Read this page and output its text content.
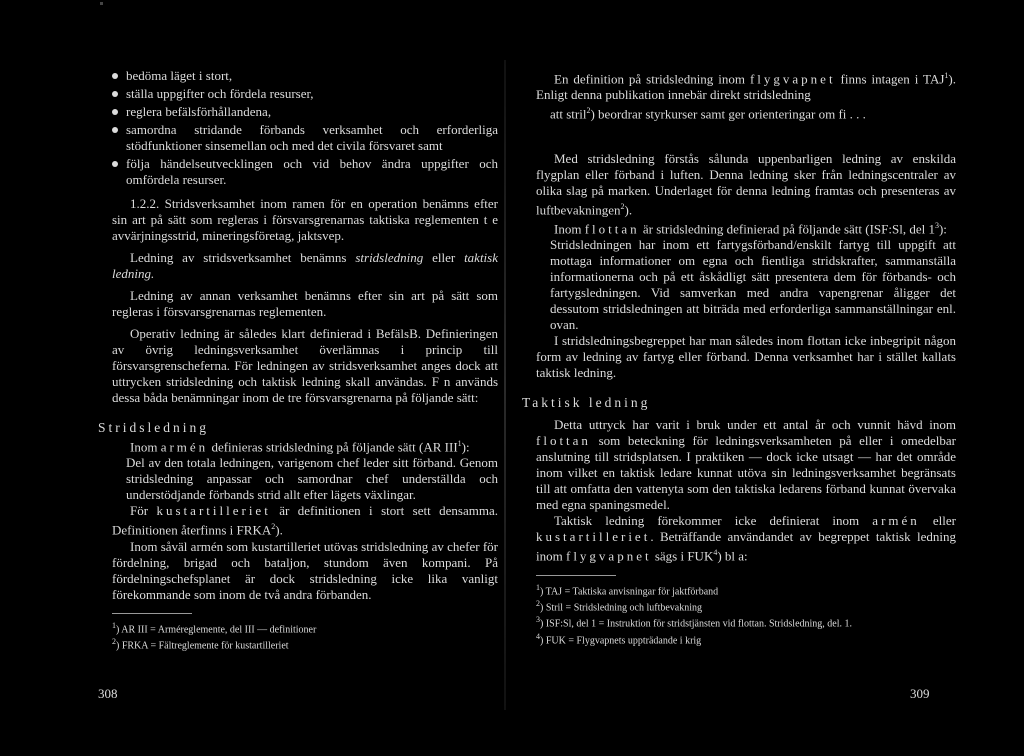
bedöma läget i stort,
ställa uppgifter och fördela resurser,
reglera befälsförhållandena,
samordna stridande förbands verksamhet och erforderliga stödfunktioner sinsemellan och med det civila försvaret samt
följa händelseutvecklingen och vid behov ändra uppgifter och omfördela resurser.

1.2.2. Stridsverksamhet inom ramen för en operation benämns efter sin art på sätt som regleras i försvarsgrenarnas taktiska reglementen t e avvärjningsstrid, mineringsföretag, jaktsvep.

Ledning av stridsverksamhet benämns stridsledning eller taktisk ledning.

Ledning av annan verksamhet benämns efter sin art på sätt som regleras i försvarsgrenarnas reglementen.

Operativ ledning är således klart definierad i BefälsB. Definieringen av övrig ledningsverksamhet överlämnas i princip till försvarsgrenscheferna. För ledningen av stridsverksamhet anges dock att uttrycken stridsledning och taktisk ledning skall användas. F n används dessa båda benämningar inom de tre försvarsgrenarna på följande sätt:

Stridsledning

Inom armén definieras stridsledning på följande sätt (AR III$^1$):

Del av den totala ledningen, varigenom chef leder sitt förband. Genom stridsledning anpassar och samordnar chef underställda och understödjande förbands strid allt efter lägets växlingar.

För kustartilleriet är definitionen i stort sett densamma. Definitionen återfinns i FRKA$^2$).

Inom såväl armén som kustartilleriet utövas stridsledning av chefer för fördelning, brigad och bataljon, stundom även kompani. På fördelningschefsplanet är dock stridsledning icke lika vanligt förekommande som inom de två andra förbanden.

$^1$) AR III = Arméreglemente, del III — definitioner
$^2$) FRKA = Fältreglemente för kustartilleriet
308

En definition på stridsledning inom flygvapnet finns intagen i TAJ$^1$). Enligt denna publikation innebär direkt stridsledning

att stril$^2$) beordrar styrkurser samt ger orienteringar om fi . . .

Med stridsledning förstås sålunda uppenbarligen ledning av enskilda flygplan eller förband i luften. Denna ledning sker från ledningscentraler av olika slag på marken. Underlaget för denna ledning framtas och presenteras av luftbevakningen$^2$).

Inom flottan är stridsledning definierad på följande sätt (ISF:Sl, del $1^3$):

Stridsledningen har inom ett fartygsförband/enskilt fartyg till uppgift att mottaga informationer om egna och fientliga stridskrafter, sammanställa informationerna och på ett åskådligt sätt presentera dem för förbands- och fartygsledningen. Vid samverkan med andra vapengrenar åligger det dessutom stridsledningen att biträda med erforderliga sammanställningar enl. ovan.

I stridsledningsbegreppet har man således inom flottan icke inbegripit någon form av ledning av fartyg eller förband. Denna verksamhet har i stället kallats taktisk ledning.

Taktisk ledning

Detta uttryck har varit i bruk under ett antal år och vunnit hävd inom flottan som beteckning för ledningsverksamheten på eller i omedelbar anslutning till stridsplatsen. I praktiken — dock icke utsagt — har det område inom vilket en taktisk ledare kunnat utöva sin ledningsverksamhet begränsats till att omfatta den vattenyta som den taktiska ledarens förband kunnat övervaka med egna spaningsmedel.

Taktisk ledning förekommer icke definierat inom armén eller kustartilleriet. Beträffande användandet av begreppet taktisk ledning inom flygvapnet sägs i FUK$^4$) bl a:

$^1$) TAJ = Taktiska anvisningar för jaktförband
$^2$) Stril = Stridsledning och luftbevakning
$^3$) ISF:Sl, del 1 = Instruktion för stridstjänsten vid flottan. Stridsledning, del. 1.
$^4$) FUK = Flygvapnets uppträdande i krig
309
